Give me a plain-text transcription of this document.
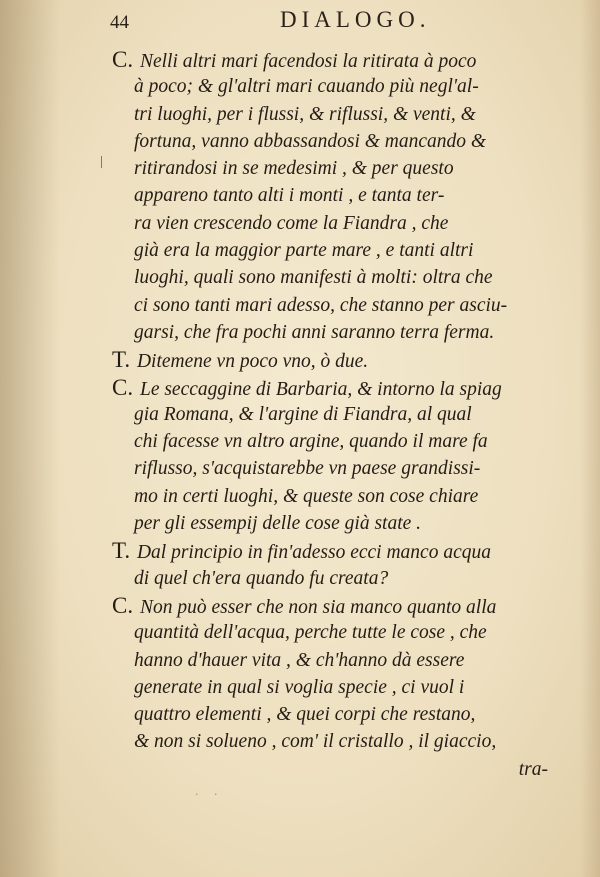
44	DIALOGO.
C. Nelli altri mari facendosi la ritirata à poco
à poco; & gl'altri mari cauando più negl'al-
tri luoghi, per i flussi, & riflussi, & venti, &
fortuna, vanno abbassandosi & mancando &
ritirandosi in se medesimi , & per questo
appareno tanto alti i monti , e tanta ter-
ra vien crescendo come la Fiandra , che
già era la maggior parte mare , e tanti altri
luoghi, quali sono manifesti à molti: oltra che
ci sono tanti mari adesso, che stanno per asciu-
garsi, che fra pochi anni saranno terra ferma.
T. Ditemene vn poco vno, ò due.
C. Le seccaggine di Barbaria, & intorno la spiag
gia Romana, & l'argine di Fiandra, al qual
chi facesse vn altro argine, quando il mare fa
riflusso, s'acquistarebbe vn paese grandissi-
mo in certi luoghi, & queste son cose chiare
per gli essempij delle cose già state .
T. Dal principio in fin'adesso ecci manco acqua
di quel ch'era quando fu creata?
C. Non può esser che non sia manco quanto alla
quantità dell'acqua, perche tutte le cose , che
hanno d'hauer vita , & ch'hanno dà essere
generate in qual si voglia specie , ci vuol i
quattro elementi , & quei corpi che restano,
& non si solueno , com' il cristallo , il giaccio,
tra-
· ·
